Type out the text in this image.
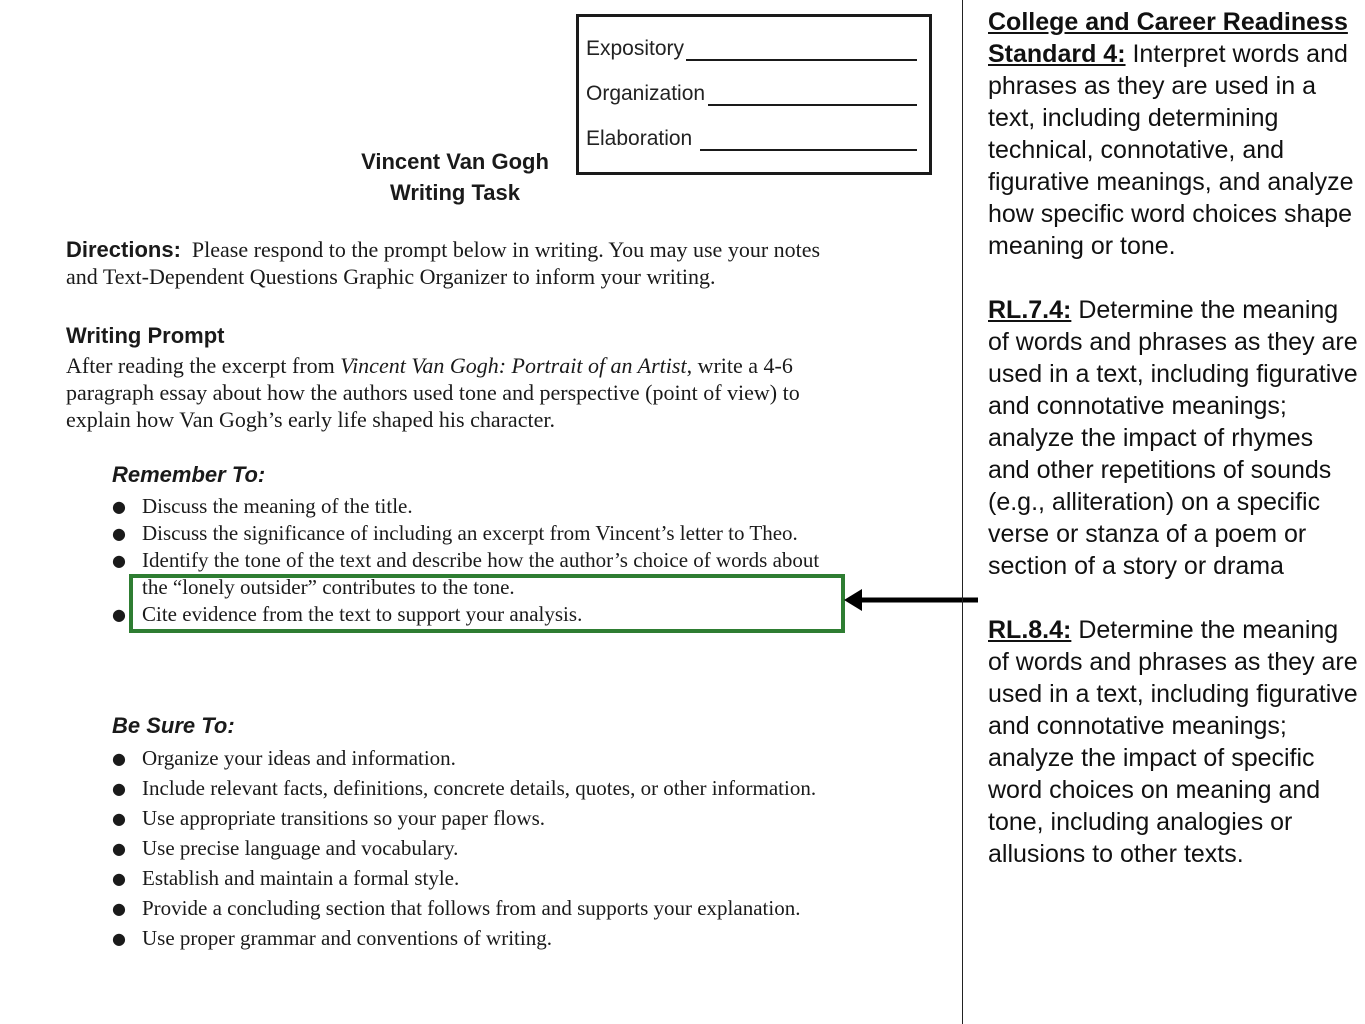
Expository
Organization
Elaboration
Vincent Van Gogh
Writing Task
Directions: Please respond to the prompt below in writing. You may use your notes and Text-Dependent Questions Graphic Organizer to inform your writing.
Writing Prompt
After reading the excerpt from Vincent Van Gogh: Portrait of an Artist, write a 4-6 paragraph essay about how the authors used tone and perspective (point of view) to explain how Van Gogh’s early life shaped his character.
Remember To:
● Discuss the meaning of the title.
● Discuss the significance of including an excerpt from Vincent’s letter to Theo.
● Identify the tone of the text and describe how the author’s choice of words about the “lonely outsider” contributes to the tone.
● Cite evidence from the text to support your analysis.
Be Sure To:
● Organize your ideas and information.
● Include relevant facts, definitions, concrete details, quotes, or other information.
● Use appropriate transitions so your paper flows.
● Use precise language and vocabulary.
● Establish and maintain a formal style.
● Provide a concluding section that follows from and supports your explanation.
● Use proper grammar and conventions of writing.

College and Career Readiness Standard 4: Interpret words and phrases as they are used in a text, including determining technical, connotative, and figurative meanings, and analyze how specific word choices shape meaning or tone.

RL.7.4: Determine the meaning of words and phrases as they are used in a text, including figurative and connotative meanings; analyze the impact of rhymes and other repetitions of sounds (e.g., alliteration) on a specific verse or stanza of a poem or section of a story or drama

RL.8.4: Determine the meaning of words and phrases as they are used in a text, including figurative and connotative meanings; analyze the impact of specific word choices on meaning and tone, including analogies or allusions to other texts.
